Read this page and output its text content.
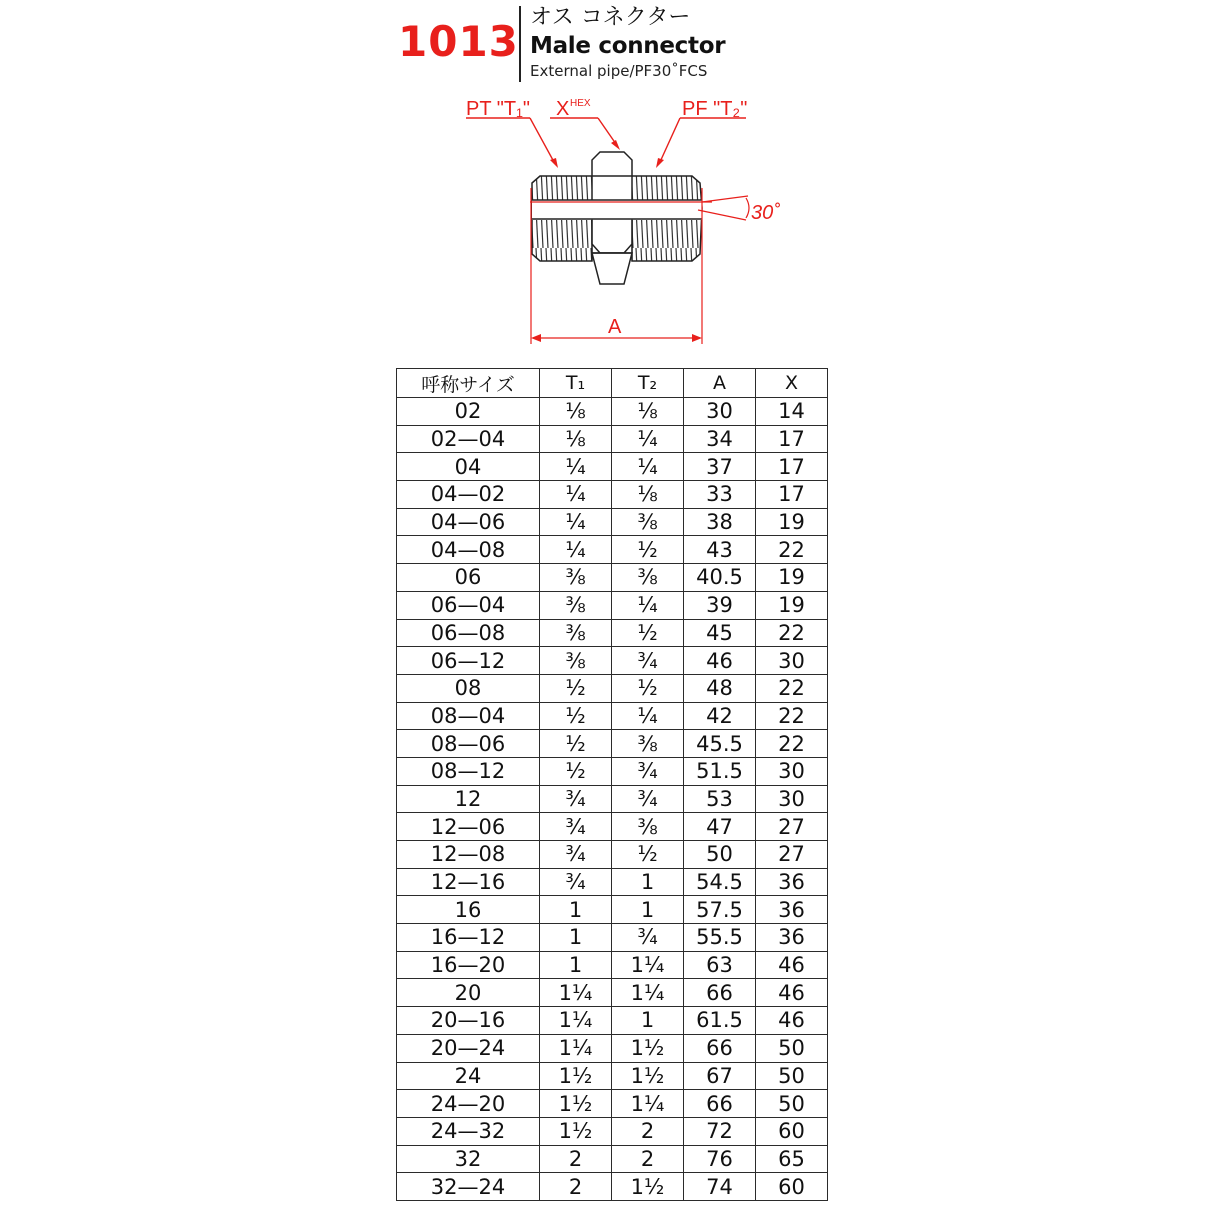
1013 オス コネクター
Male connector
External pipe/PF30˚FCS
PT "T₁" X HEX	PF "T₂"
30˚
A
呼称サイズ	T₁	T₂	A	X
02	⅛	⅛	30	14
02—04	⅛	¼	34	17
04	¼	¼	37	17
04—02	¼	⅛	33	17
04—06	¼	⅜	38	19
04—08	¼	½	43	22
06	⅜	⅜	40.5	19
06—04	⅜	¼	39	19
06—08	⅜	½	45	22
06—12	⅜	¾	46	30
08	½	½	48	22
08—04	½	¼	42	22
08—06	½	⅜	45.5	22
08—12	½	¾	51.5	30
12	¾	¾	53	30
12—06	¾	⅜	47	27
12—08	¾	½	50	27
12—16	¾	1	54.5	36
16	1	1	57.5	36
16—12	1	¾	55.5	36
16—20	1	1¼	63	46
20	1¼	1¼	66	46
20—16	1¼	1	61.5	46
20—24	1¼	1½	66	50
24	1½	1½	67	50
24—20	1½	1¼	66	50
24—32	1½	2	72	60
32	2	2	76	65
32—24	2	1½	74	60
